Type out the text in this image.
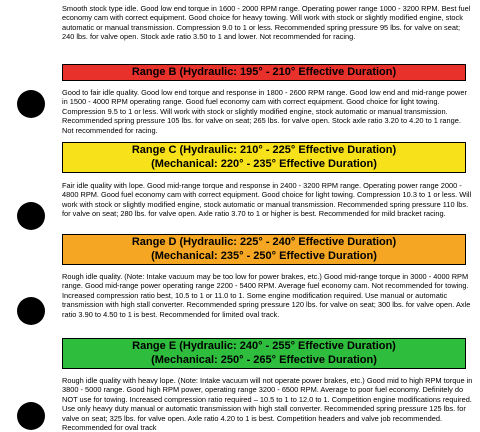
Smooth stock type idle. Good low end torque in 1600 - 2000 RPM range. Operating power range 1000 - 3200 RPM. Best fuel economy cam with correct equipment. Good choice for heavy towing. Will work with stock or slightly modified engine, stock automatic or manual transmission. Compression 9.0 to 1 or less. Recommended spring pressure 95 lbs. for valve on seat; 240 lbs. for valve open. Stock axle ratio 3.50 to 1 and lower. Not recommended for racing.

Range B (Hydraulic: 195° - 210° Effective Duration)

Good to fair idle quality. Good low end torque and response in 1800 - 2600 RPM range. Good low end and mid-range power in 1500 - 4000 RPM operating range. Good fuel economy cam with correct equipment. Good choice for light towing. Compression 9.5 to 1 or less. Will work with stock or slightly modified engine, stock automatic or manual transmission. Recommended spring pressure 105 lbs. for valve on seat; 265 lbs. for valve open. Stock axle ratio 3.20 to 4.20 to 1 range. Not recommended for racing.

Range C (Hydraulic: 210° - 225° Effective Duration)
(Mechanical: 220° - 235° Effective Duration)

Fair idle quality with lope. Good mid-range torque and response in 2400 - 3200 RPM range. Operating power range 2000 - 4800 RPM. Good fuel economy cam with correct equipment. Good choice for light towing. Compression 10.3 to 1 or less. Will work with stock or slightly modified engine, stock automatic or manual transmission. Recommended spring pressure 110 lbs. for valve on seat; 280 lbs. for valve open. Axle ratio 3.70 to 1 or higher is best. Recommended for mild bracket racing.

Range D (Hydraulic: 225° - 240° Effective Duration)
(Mechanical: 235° - 250° Effective Duration)

Rough idle quality. (Note: Intake vacuum may be too low for power brakes, etc.) Good mid-range torque in 3000 - 4000 RPM range. Good mid-range power operating range 2200 - 5400 RPM. Average fuel economy cam. Not recommended for towing. Increased compression ratio best, 10.5 to 1 or 11.0 to 1. Some engine modification required. Use manual or automatic transmission with high stall converter. Recommended spring pressure 120 lbs. for valve on seat; 300 lbs. for valve open. Axle ratio 3.90 to 4.50 to 1 is best. Recommended for limited oval track.

Range E (Hydraulic: 240° - 255° Effective Duration)
(Mechanical: 250° - 265° Effective Duration)

Rough idle quality with heavy lope. (Note: Intake vacuum will not operate power brakes, etc.) Good mid to high RPM torque in 3800 - 5000 range. Good high RPM power, operating range 3200 - 6500 RPM. Average to poor fuel economy. Definitely do NOT use for towing. Increased compression ratio required – 10.5 to 1 to 12.0 to 1. Competition engine modifications required. Use only heavy duty manual or automatic transmission with high stall converter. Recommended spring pressure 125 lbs. for valve on seat; 325 lbs. for valve open. Axle ratio 4.20 to 1 is best. Competition headers and valve job recommended. Recommended for oval track
